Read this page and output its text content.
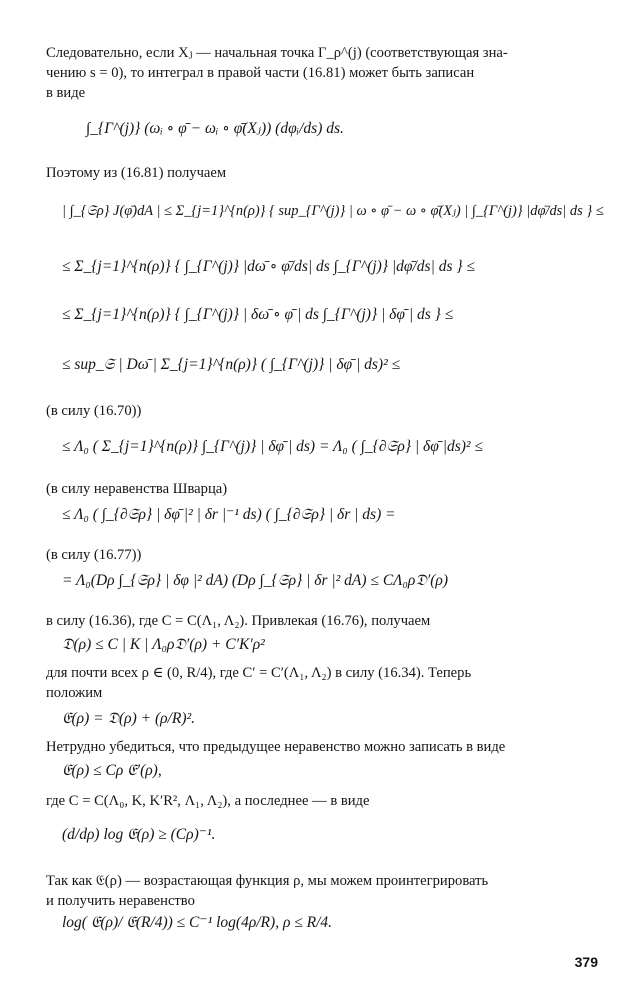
Следовательно, если Xⱼ — начальная точка Γ_ρ^(j) (соответствующая зна-
чению s = 0), то интеграл в правой части (16.81) может быть записан
в виде
∫_{Γ^(j)} (ωᵢ ∘ φ̄ − ωᵢ ∘ φ̄(Xⱼ)) (dφᵢ/ds) ds.
Поэтому из (16.81) получаем
| ∫_{𝔖ρ} J(φ̄)dA | ≤ Σ_{j=1}^{n(ρ)} { sup_{Γ^(j)} | ω ∘ φ̄ − ω ∘ φ̄(Xⱼ) | ∫_{Γ^(j)} |dφ̄/ds| ds } ≤
≤ Σ_{j=1}^{n(ρ)} { ∫_{Γ^(j)} |dω̄ ∘ φ̄/ds| ds ∫_{Γ^(j)} |dφ̄/ds| ds } ≤
≤ Σ_{j=1}^{n(ρ)} { ∫_{Γ^(j)} | δω̄ ∘ φ̄ | ds ∫_{Γ^(j)} | δφ̄ | ds } ≤
≤ sup_𝔖 | Dω̄ | Σ_{j=1}^{n(ρ)} ( ∫_{Γ^(j)} | δφ̄ | ds)² ≤
(в силу (16.70))
≤ Λ₀ ( Σ_{j=1}^{n(ρ)} ∫_{Γ^(j)} | δφ̄ | ds) = Λ₀ ( ∫_{∂𝔖ρ} | δφ̄ |ds)² ≤
(в силу неравенства Шварца)
≤ Λ₀ ( ∫_{∂𝔖ρ} | δφ̄ |² | δr |⁻¹ ds) ( ∫_{∂𝔖ρ} | δr | ds) =
(в силу (16.77))
= Λ₀(Dρ ∫_{𝔖ρ} | δφ |² dA) (Dρ ∫_{𝔖ρ} | δr |² dA) ≤ CΛ₀ρ𝔇′(ρ)
в силу (16.36), где C = C(Λ₁, Λ₂). Привлекая (16.76), получаем
𝔇(ρ) ≤ C | K | Λ₀ρ𝔇′(ρ) + C′K′ρ²
для почти всех ρ ∈ (0, R/4), где C′ = C′(Λ₁, Λ₂) в силу (16.34). Теперь
положим
𝔈(ρ) = 𝔇(ρ) + (ρ/R)².
Нетрудно убедиться, что предыдущее неравенство можно записать в виде
𝔈(ρ) ≤ Cρ 𝔈′(ρ),
где C = C(Λ₀, K, K′R², Λ₁, Λ₂), а последнее — в виде
(d/dρ) log 𝔈(ρ) ≥ (Cρ)⁻¹.
Так как 𝔈(ρ) — возрастающая функция ρ, мы можем проинтегрировать
и получить неравенство
log( 𝔈(ρ)/ 𝔈(R/4)) ≤ C⁻¹ log(4ρ/R), ρ ≤ R/4.
379
